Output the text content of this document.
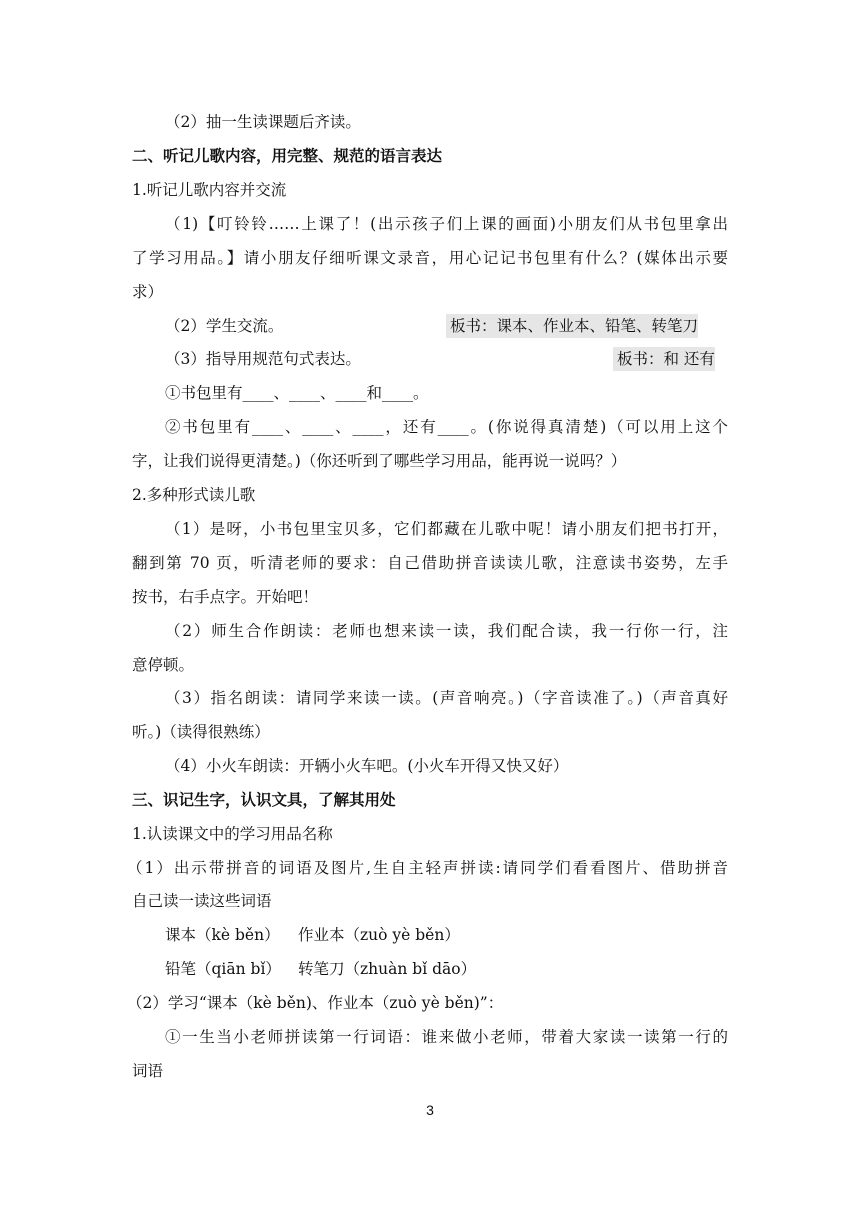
（2）抽一生读课题后齐读。
二、听记儿歌内容，用完整、规范的语言表达
1.听记儿歌内容并交流
（1)【叮铃铃……上课了！(出示孩子们上课的画面)小朋友们从书包里拿出
了学习用品。】请小朋友仔细听课文录音，用心记记书包里有什么？(媒体出示要
求）
（2）学生交流。	板书：课本、作业本、铅笔、转笔刀
（3）指导用规范句式表达。	板书：和 还有
①书包里有____、____、____和____。
②书包里有____、____、____，还有____。(你说得真清楚)（可以用上这个
字，让我们说得更清楚。)（你还听到了哪些学习用品，能再说一说吗？）
2.多种形式读儿歌
（1）是呀，小书包里宝贝多，它们都藏在儿歌中呢！请小朋友们把书打开，
翻到第 70 页，听清老师的要求：自己借助拼音读读儿歌，注意读书姿势，左手
按书，右手点字。开始吧！
（2）师生合作朗读：老师也想来读一读，我们配合读，我一行你一行，注
意停顿。
（3）指名朗读：请同学来读一读。(声音响亮。)（字音读准了。)（声音真好
听。)（读得很熟练）
（4）小火车朗读：开辆小火车吧。(小火车开得又快又好）
三、识记生字，认识文具，了解其用处
1.认读课文中的学习用品名称
（1）出示带拼音的词语及图片,生自主轻声拼读:请同学们看看图片、借助拼音
自己读一读这些词语
课本（kè běn）	作业本（zuò yè běn）
铅笔（qiān bǐ）	转笔刀（zhuàn bǐ dāo）
（2）学习“课本（kè běn)、作业本（zuò yè běn)”：
①一生当小老师拼读第一行词语：谁来做小老师，带着大家读一读第一行的
词语
3
